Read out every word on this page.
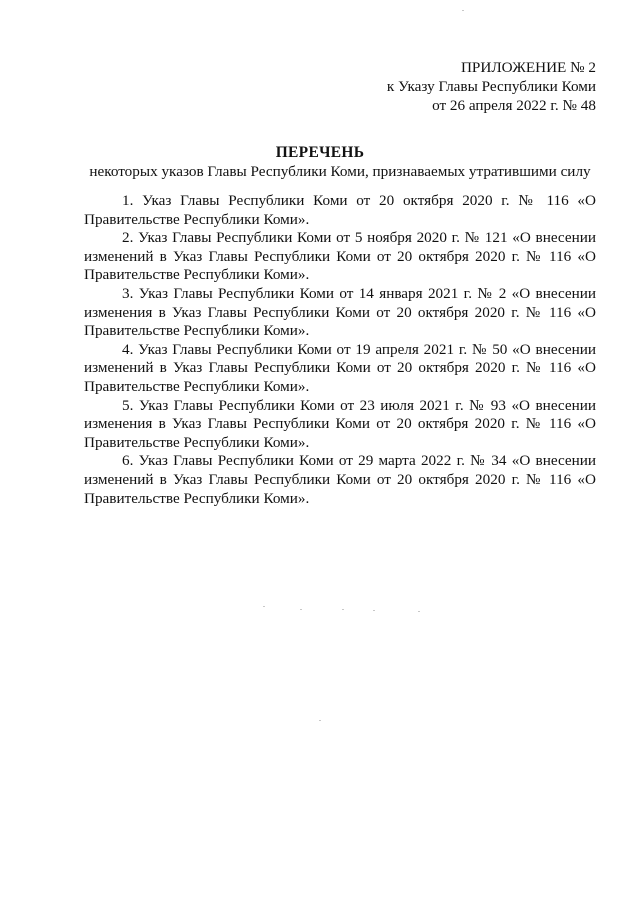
ПРИЛОЖЕНИЕ № 2
к Указу Главы Республики Коми
от 26 апреля 2022 г. № 48
ПЕРЕЧЕНЬ
некоторых указов Главы Республики Коми, признаваемых утратившими силу

1. Указ Главы Республики Коми от 20 октября 2020 г. № 116 «О Правительстве Республики Коми».

2. Указ Главы Республики Коми от 5 ноября 2020 г. № 121 «О внесении изменений в Указ Главы Республики Коми от 20 октября 2020 г. № 116 «О Правительстве Республики Коми».

3. Указ Главы Республики Коми от 14 января 2021 г. № 2 «О внесении изменения в Указ Главы Республики Коми от 20 октября 2020 г. № 116 «О Правительстве Республики Коми».

4. Указ Главы Республики Коми от 19 апреля 2021 г. № 50 «О внесении изменений в Указ Главы Республики Коми от 20 октября 2020 г. № 116 «О Правительстве Республики Коми».

5. Указ Главы Республики Коми от 23 июля 2021 г. № 93 «О внесении изменения в Указ Главы Республики Коми от 20 октября 2020 г. № 116 «О Правительстве Республики Коми».

6. Указ Главы Республики Коми от 29 марта 2022 г. № 34 «О внесении изменений в Указ Главы Республики Коми от 20 октября 2020 г. № 116 «О Правительстве Республики Коми».
